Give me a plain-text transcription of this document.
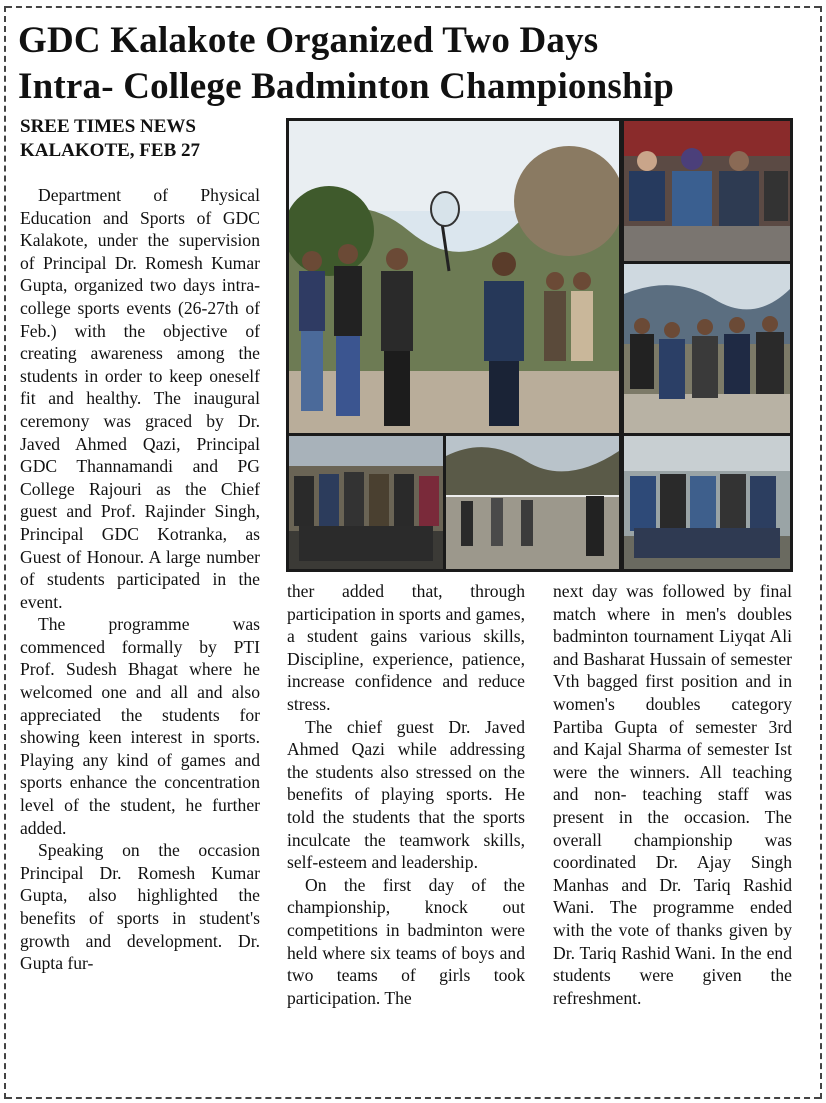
GDC Kalakote Organized Two Days
Intra- College Badminton Championship
SREE TIMES NEWS
KALAKOTE, FEB 27

Department of Physical Education and Sports of GDC Kalakote, under the supervision of Principal Dr. Romesh Kumar Gupta, organized two days intra-college sports events (26-27th of Feb.) with the objective of creating awareness among the students in order to keep oneself fit and healthy. The inaugural ceremony was graced by Dr. Javed Ahmed Qazi, Principal GDC Thannamandi and PG College Rajouri as the Chief guest and Prof. Rajinder Singh, Principal GDC Kotranka, as Guest of Honour. A large number of students participated in the event.

The programme was commenced formally by PTI Prof. Sudesh Bhagat where he welcomed one and all and also appreciated the students for showing keen interest in sports. Playing any kind of games and sports enhance the concentration level of the student, he further added.

Speaking on the occasion Principal Dr. Romesh Kumar Gupta, also highlighted the benefits of sports in student's growth and development. Dr. Gupta fur-

ther added that, through participation in sports and games, a student gains various skills, Discipline, experience, patience, increase confidence and reduce stress.

The chief guest Dr. Javed Ahmed Qazi while addressing the students also stressed on the benefits of playing sports. He told the students that the sports inculcate the teamwork skills, self-esteem and leadership.

On the first day of the championship, knock out competitions in badminton were held where six teams of boys and two teams of girls took participation. The

next day was followed by final match where in men's doubles badminton tournament Liyqat Ali and Basharat Hussain of semester Vth bagged first position and in women's doubles category Partiba Gupta of semester 3rd and Kajal Sharma of semester Ist were the winners. All teaching and non- teaching staff was present in the occasion. The overall championship was coordinated Dr. Ajay Singh Manhas and Dr. Tariq Rashid Wani. The programme ended with the vote of thanks given by Dr. Tariq Rashid Wani. In the end students were given the refreshment.
